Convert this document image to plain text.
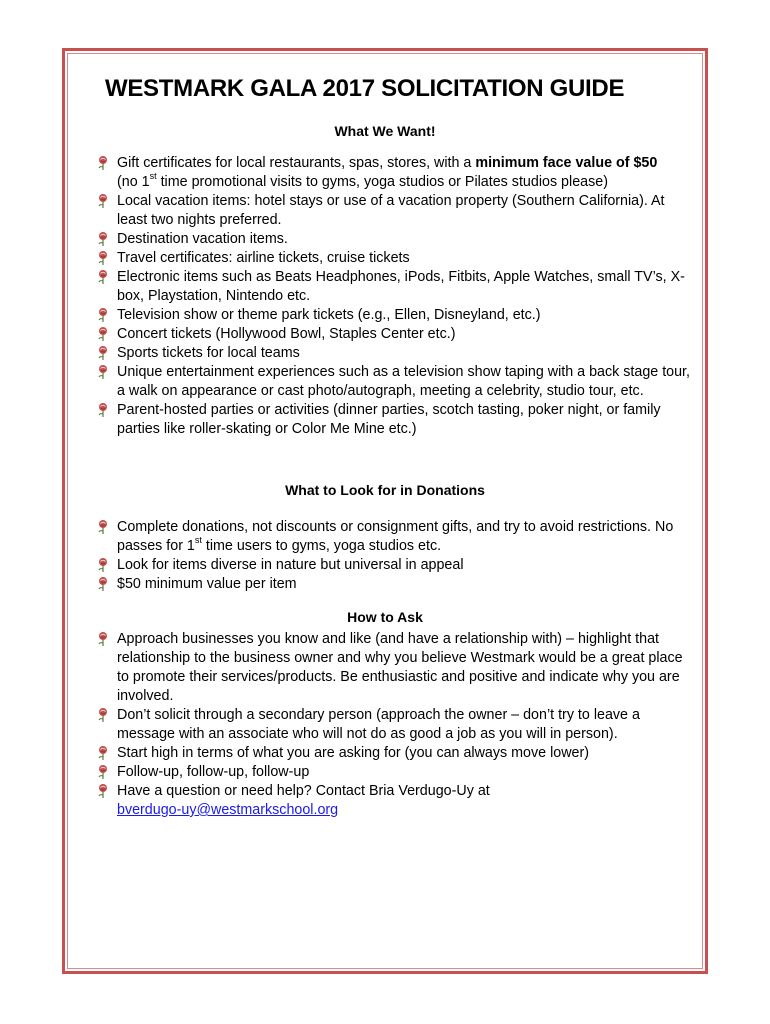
WESTMARK GALA 2017 SOLICITATION GUIDE
What We Want!
Gift certificates for local restaurants, spas, stores, with a minimum face value of $50
(no 1st time promotional visits to gyms, yoga studios or Pilates studios please)
Local vacation items: hotel stays or use of a vacation property (Southern California). At least two nights preferred.
Destination vacation items.
Travel certificates: airline tickets, cruise tickets
Electronic items such as Beats Headphones, iPods, Fitbits, Apple Watches, small TV’s, X-box, Playstation, Nintendo etc.
Television show or theme park tickets (e.g., Ellen, Disneyland, etc.)
Concert tickets (Hollywood Bowl, Staples Center etc.)
Sports tickets for local teams
Unique entertainment experiences such as a television show taping with a back stage tour, a walk on appearance or cast photo/autograph, meeting a celebrity, studio tour, etc.
Parent-hosted parties or activities (dinner parties, scotch tasting, poker night, or family parties like roller-skating or Color Me Mine etc.)
What to Look for in Donations
Complete donations, not discounts or consignment gifts, and try to avoid restrictions. No passes for 1st time users to gyms, yoga studios etc.
Look for items diverse in nature but universal in appeal
$50 minimum value per item
How to Ask
Approach businesses you know and like (and have a relationship with) – highlight that relationship to the business owner and why you believe Westmark would be a great place to promote their services/products. Be enthusiastic and positive and indicate why you are involved.
Don’t solicit through a secondary person (approach the owner – don’t try to leave a message with an associate who will not do as good a job as you will in person).
Start high in terms of what you are asking for (you can always move lower)
Follow-up, follow-up, follow-up
Have a question or need help? Contact Bria Verdugo-Uy at
bverdugo-uy@westmarkschool.org
